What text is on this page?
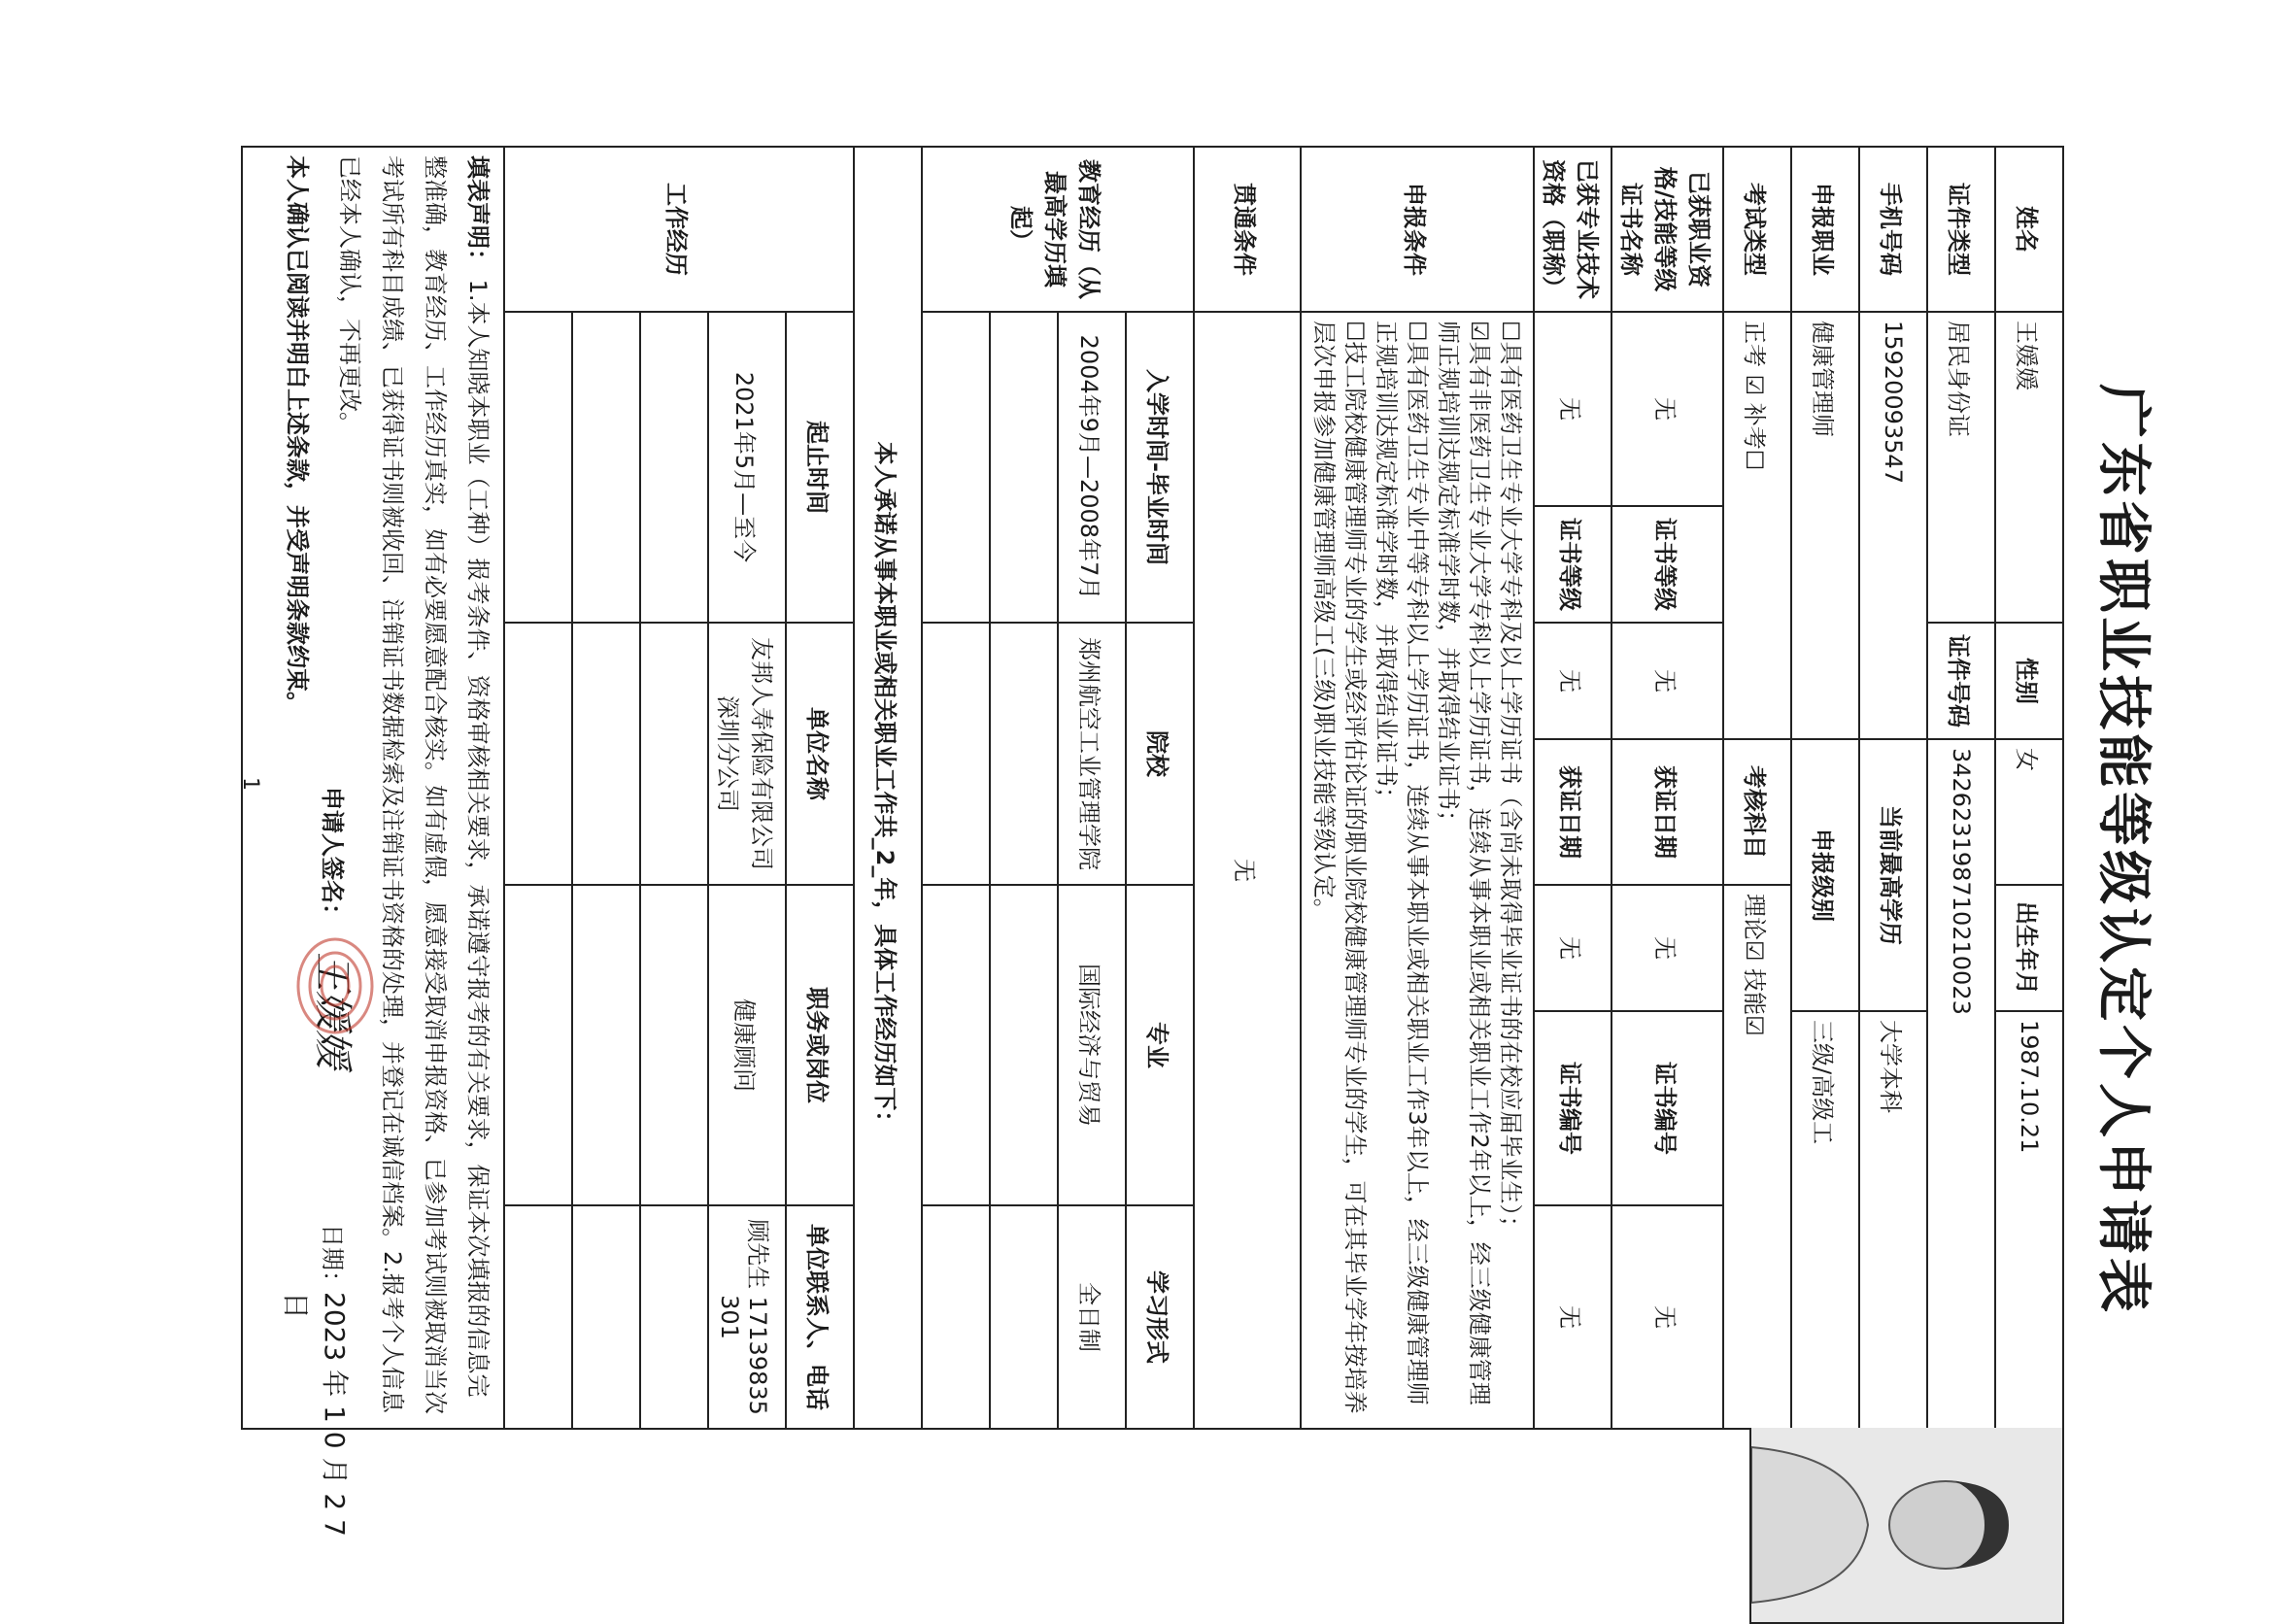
广东省职业技能等级认定个人申请表
姓名	王媛媛		性别	女	出生年月	1987.10.21	
证件类型	居民身份证		证件号码	342623198710210023			
手机号码	15920093547			当前最高学历		大学本科	
申报职业	健康管理师			申报级别		三级/高级工	
考试类型	正考 ☑ 补考☐			考核科目	理论☑ 技能☑		
已获职业资格/技能等级证书名称	无	证书等级	无	获证日期	无	证书编号	无
已获专业技术资格（职称）	无	证书等级	无	获证日期	无	证书编号	无
申报条件	☐具有医药卫生专业大学专科及以上学历证书（含尚未取得毕业证书的在校应届毕业生）；
☑具有非医药卫生专业大学专科以上学历证书，连续从事本职业或相关职业工作2年以上，经三级健康管理师正规培训达规定标准学时数，并取得结业证书；
☐具有医药卫生专业中等专科以上学历证书，连续从事本职业或相关职业工作3年以上，经三级健康管理师正规培训达规定标准学时数，并取得结业证书；
☐技工院校健康管理师专业的学生或经评估论证的职业院校健康管理师专业的学生，可在其毕业学年按培养层次申报参加健康管理师高级工(三级)职业技能等级认定。						

贯通条件	无						
教育经历（从最高学历填起）	入学时间-毕业时间		院校		专业		学习形式
	2004年9月—2008年7月		郑州航空工业管理学院		国际经济与贸易		全日制

本人承诺从事本职业或相关职业工作共_2_年，具体工作经历如下：							
工作经历	起止时间		单位名称		职务或岗位		单位联系人、电话
	2021年5月—至今		友邦人寿保险有限公司深圳分公司		健康顾问		顾先生 17139835301

填表声明： 1.本人知晓本职业（工种）报考条件、资格审核相关要求，承诺遵守报考的有关要求，保证本次填报的信息完整准确，教育经历、工作经历真实，如有必要愿意配合核实。如有虚假，愿意接受取消申报资格、已参加考试则被取消当次考试所有科目成绩、已获得证书则被收回、注销证书数据检索及注销证书资格的处理，并登记在诚信档案。2.报考个人信息已经本人确认，不再更改。
本人确认已阅读并明白上述条款，并受声明条款约束。							
申请人签名：
王媛媛
日期：
2023 年 1 0 月 2 7 日
1
